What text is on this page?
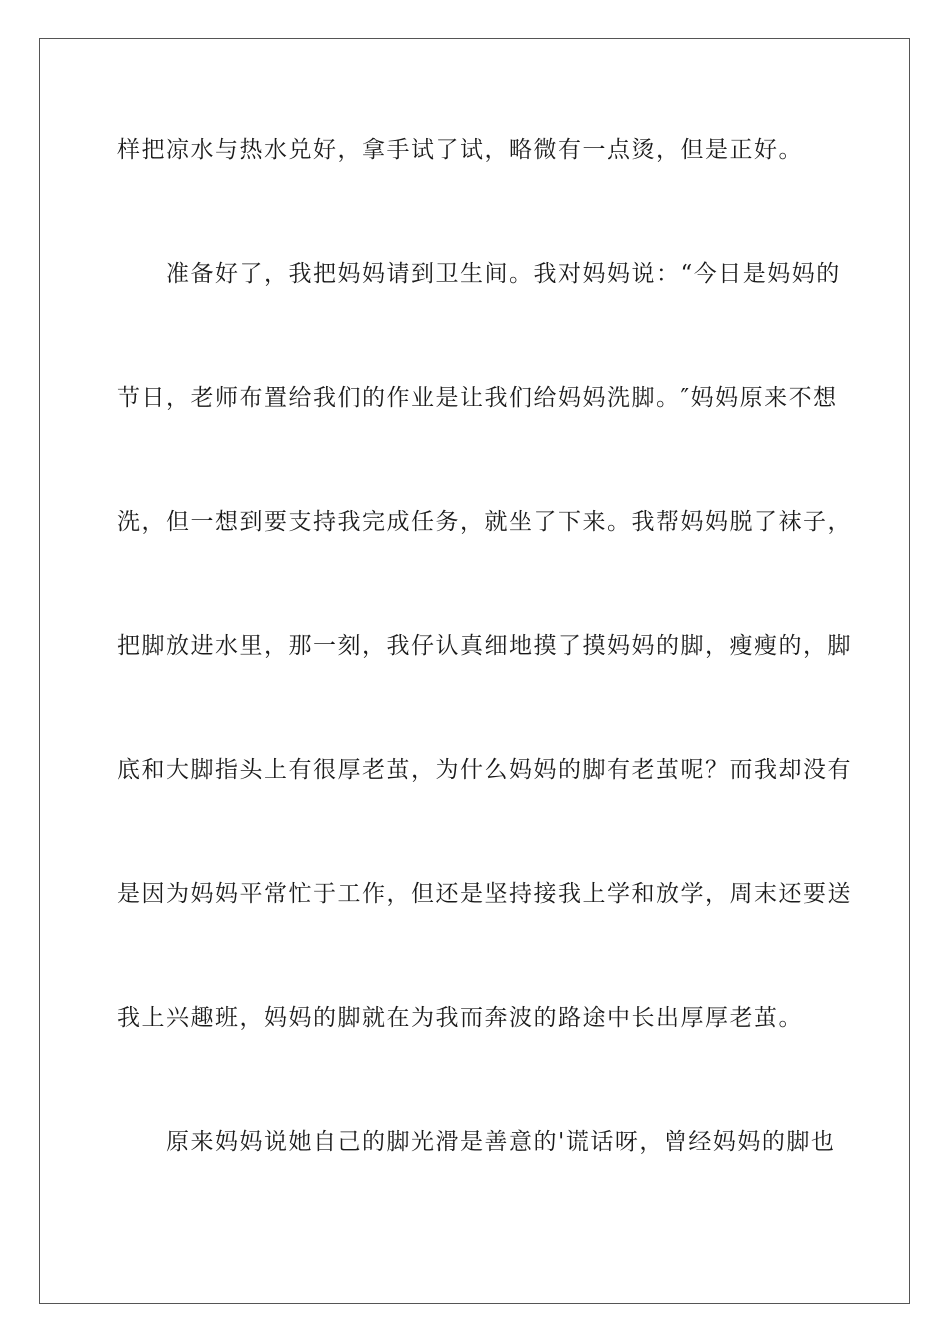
样把凉水与热水兑好，拿手试了试，略微有一点烫，但是正好。
　　准备好了，我把妈妈请到卫生间。我对妈妈说：“今日是妈妈的
节日，老师布置给我们的作业是让我们给妈妈洗脚。″妈妈原来不想
洗，但一想到要支持我完成任务，就坐了下来。我帮妈妈脱了袜子，
把脚放进水里，那一刻，我仔认真细地摸了摸妈妈的脚，瘦瘦的，脚
底和大脚指头上有很厚老茧，为什么妈妈的脚有老茧呢？而我却没有
是因为妈妈平常忙于工作，但还是坚持接我上学和放学，周末还要送
我上兴趣班，妈妈的脚就在为我而奔波的路途中长出厚厚老茧。
　　原来妈妈说她自己的脚光滑是善意的'谎话呀，曾经妈妈的脚也
